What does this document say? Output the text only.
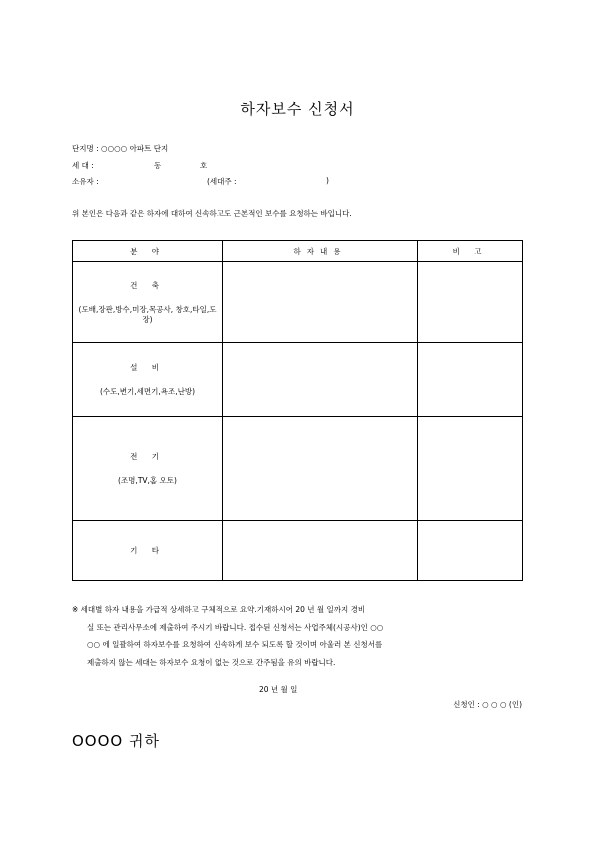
하자보수 신청서
단지명 : ○○○○ 아파트 단지
세 대 :	동	호
소유자 :	(세대주 :	)
위 본인은 다음과 같은 하자에 대하여 신속하고도 근본적인 보수를 요청하는 바입니다.
분 야	하자내용	비 고

건 축
(도배,장판,방수,미장,목공사, 창호,타일,도장)		

설 비
(수도,변기,세면기,욕조,난방)		

전 기
(조명,TV,홈 오토)		

기 타		

※ 세대별 하자 내용을 가급적 상세하고 구체적으로 요약.기재하시어 20 년 월 일까지 경비
실 또는 관리사무소에 제출하여 주시기 바랍니다. 접수된 신청서는 사업주체(시공사)인 ○○
○○ 에 일괄하여 하자보수를 요청하여 신속하게 보수 되도록 할 것이며 아울러 본 신청서를
제출하지 않는 세대는 하자보수 요청이 없는 것으로 간주됨을 유의 바랍니다.
20 년 월 일
신청인 : ○ ○ ○ (인)
OOOO 귀하
